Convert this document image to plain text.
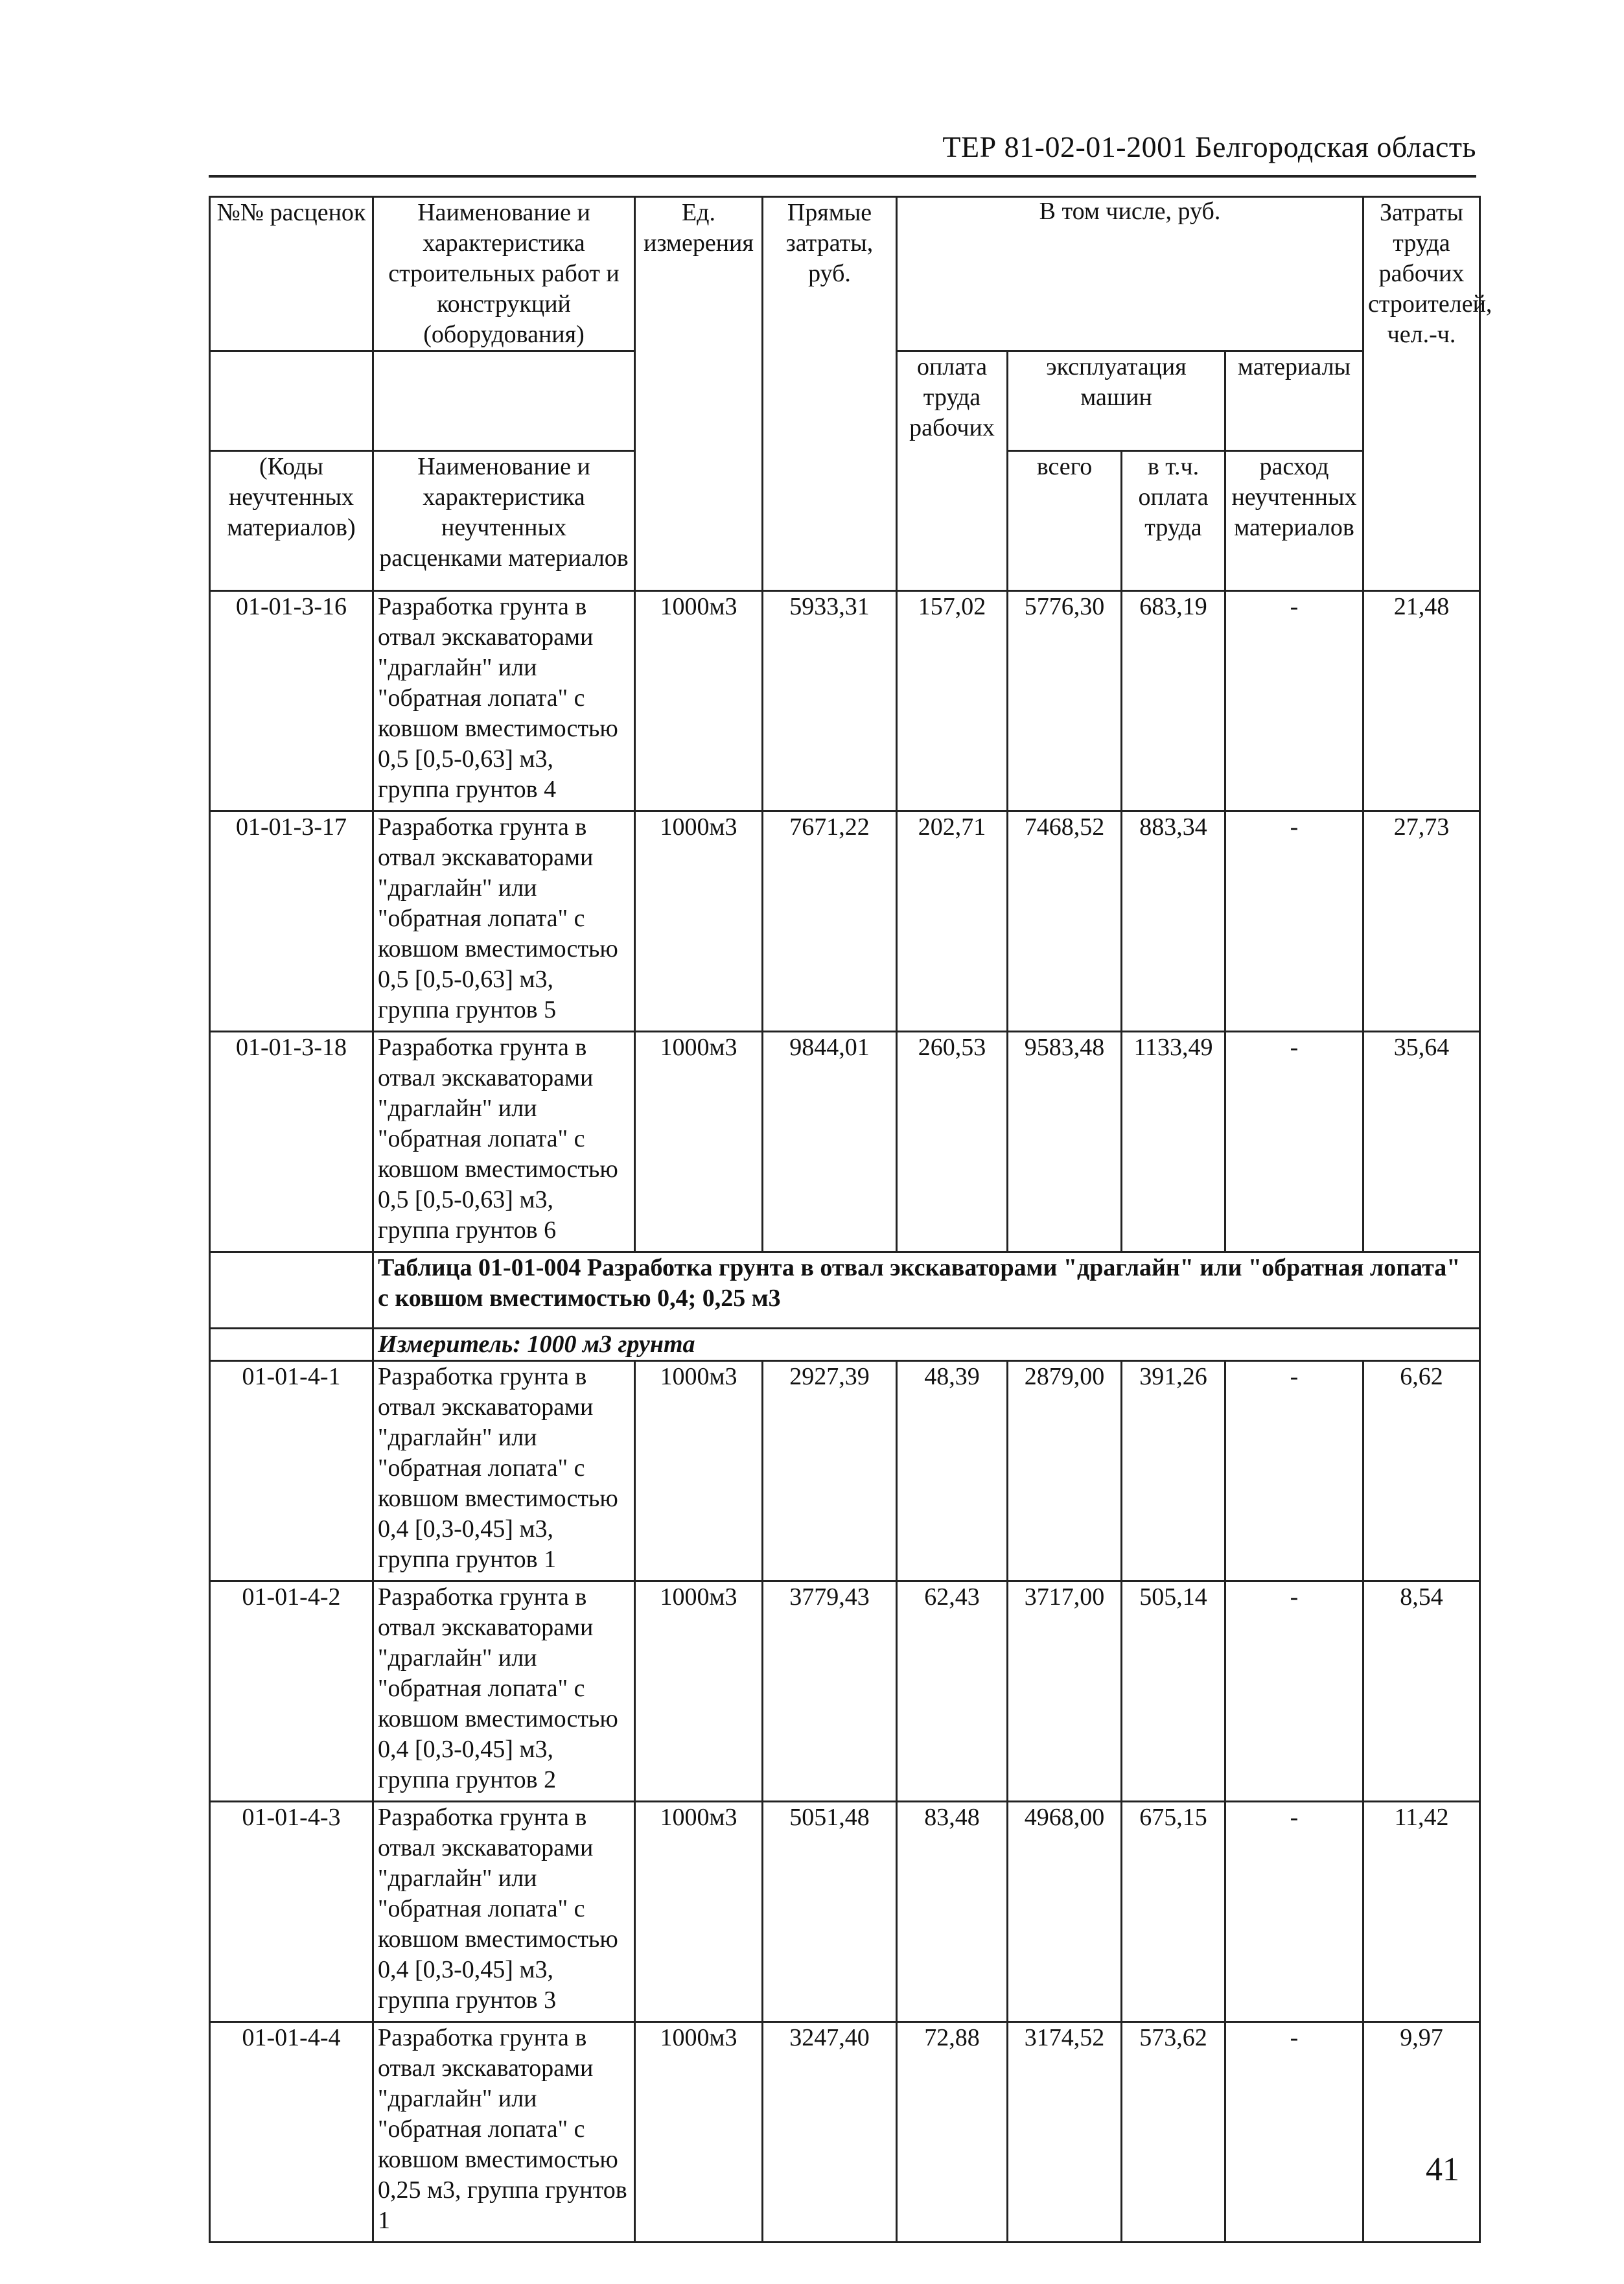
ТЕР 81-02-01-2001 Белгородская область
№№ расценок	Наименование и характеристика строительных работ и конструкций (оборудования)	Ед. измерения	Прямые затраты, руб.	В том числе, руб.				Затраты труда рабочих строителей, чел.-ч.
				оплата труда рабочих	эксплуатация машин		материалы	
(Коды неучтенных материалов)	Наименование и характеристика неучтенных расценками материалов				всего	в т.ч. оплата труда	расход неучтенных материалов	
01-01-3-16	Разработка грунта в отвал экскаваторами "драглайн" или "обратная лопата" с ковшом вместимостью 0,5 [0,5-0,63] м3, группа грунтов 4	1000м3	5933,31	157,02	5776,30	683,19	-	21,48
01-01-3-17	Разработка грунта в отвал экскаваторами "драглайн" или "обратная лопата" с ковшом вместимостью 0,5 [0,5-0,63] м3, группа грунтов 5	1000м3	7671,22	202,71	7468,52	883,34	-	27,73
01-01-3-18	Разработка грунта в отвал экскаваторами "драглайн" или "обратная лопата" с ковшом вместимостью 0,5 [0,5-0,63] м3, группа грунтов 6	1000м3	9844,01	260,53	9583,48	1133,49	-	35,64
	Таблица 01-01-004 Разработка грунта в отвал экскаваторами "драглайн" или "обратная лопата" с ковшом вместимостью 0,4; 0,25 м3							
	Измеритель: 1000 м3 грунта							
01-01-4-1	Разработка грунта в отвал экскаваторами "драглайн" или "обратная лопата" с ковшом вместимостью 0,4 [0,3-0,45] м3, группа грунтов 1	1000м3	2927,39	48,39	2879,00	391,26	-	6,62
01-01-4-2	Разработка грунта в отвал экскаваторами "драглайн" или "обратная лопата" с ковшом вместимостью 0,4 [0,3-0,45] м3, группа грунтов 2	1000м3	3779,43	62,43	3717,00	505,14	-	8,54
01-01-4-3	Разработка грунта в отвал экскаваторами "драглайн" или "обратная лопата" с ковшом вместимостью 0,4 [0,3-0,45] м3, группа грунтов 3	1000м3	5051,48	83,48	4968,00	675,15	-	11,42
01-01-4-4	Разработка грунта в отвал экскаваторами "драглайн" или "обратная лопата" с ковшом вместимостью 0,25 м3, группа грунтов 1	1000м3	3247,40	72,88	3174,52	573,62	-	9,97
41
